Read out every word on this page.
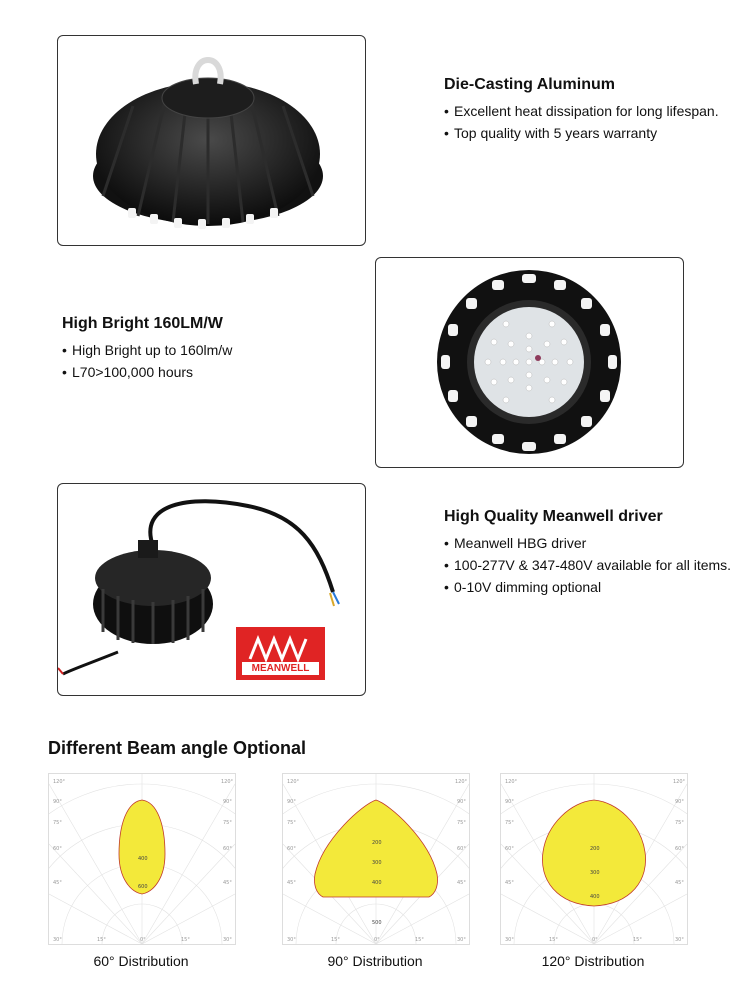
Die-Casting Aluminum
• Excellent heat dissipation for long lifespan.
• Top quality with 5 years warranty
High Bright 160LM/W
• High Bright up to 160lm/w
• L70>100,000 hours
MEANWELL
High Quality Meanwell driver
• Meanwell HBG driver
• 100-277V & 347-480V available for all items.
• 0-10V dimming optional
Different Beam angle Optional
120°
90°
75°
60°
45°
120°
90°
75°
60°
45°
30°	15°	0°	15°	30°
400
600
60° Distribution
120°
90°
75°
60°
45°
120°
90°
75°
60°
45°
30°	15°	0°	15°	30°
200
300
400
500
90° Distribution
120°
90°
75°
60°
45°
120°
90°
75°
60°
45°
30°	15°	0°	15°	30°
200
300
400
120° Distribution
